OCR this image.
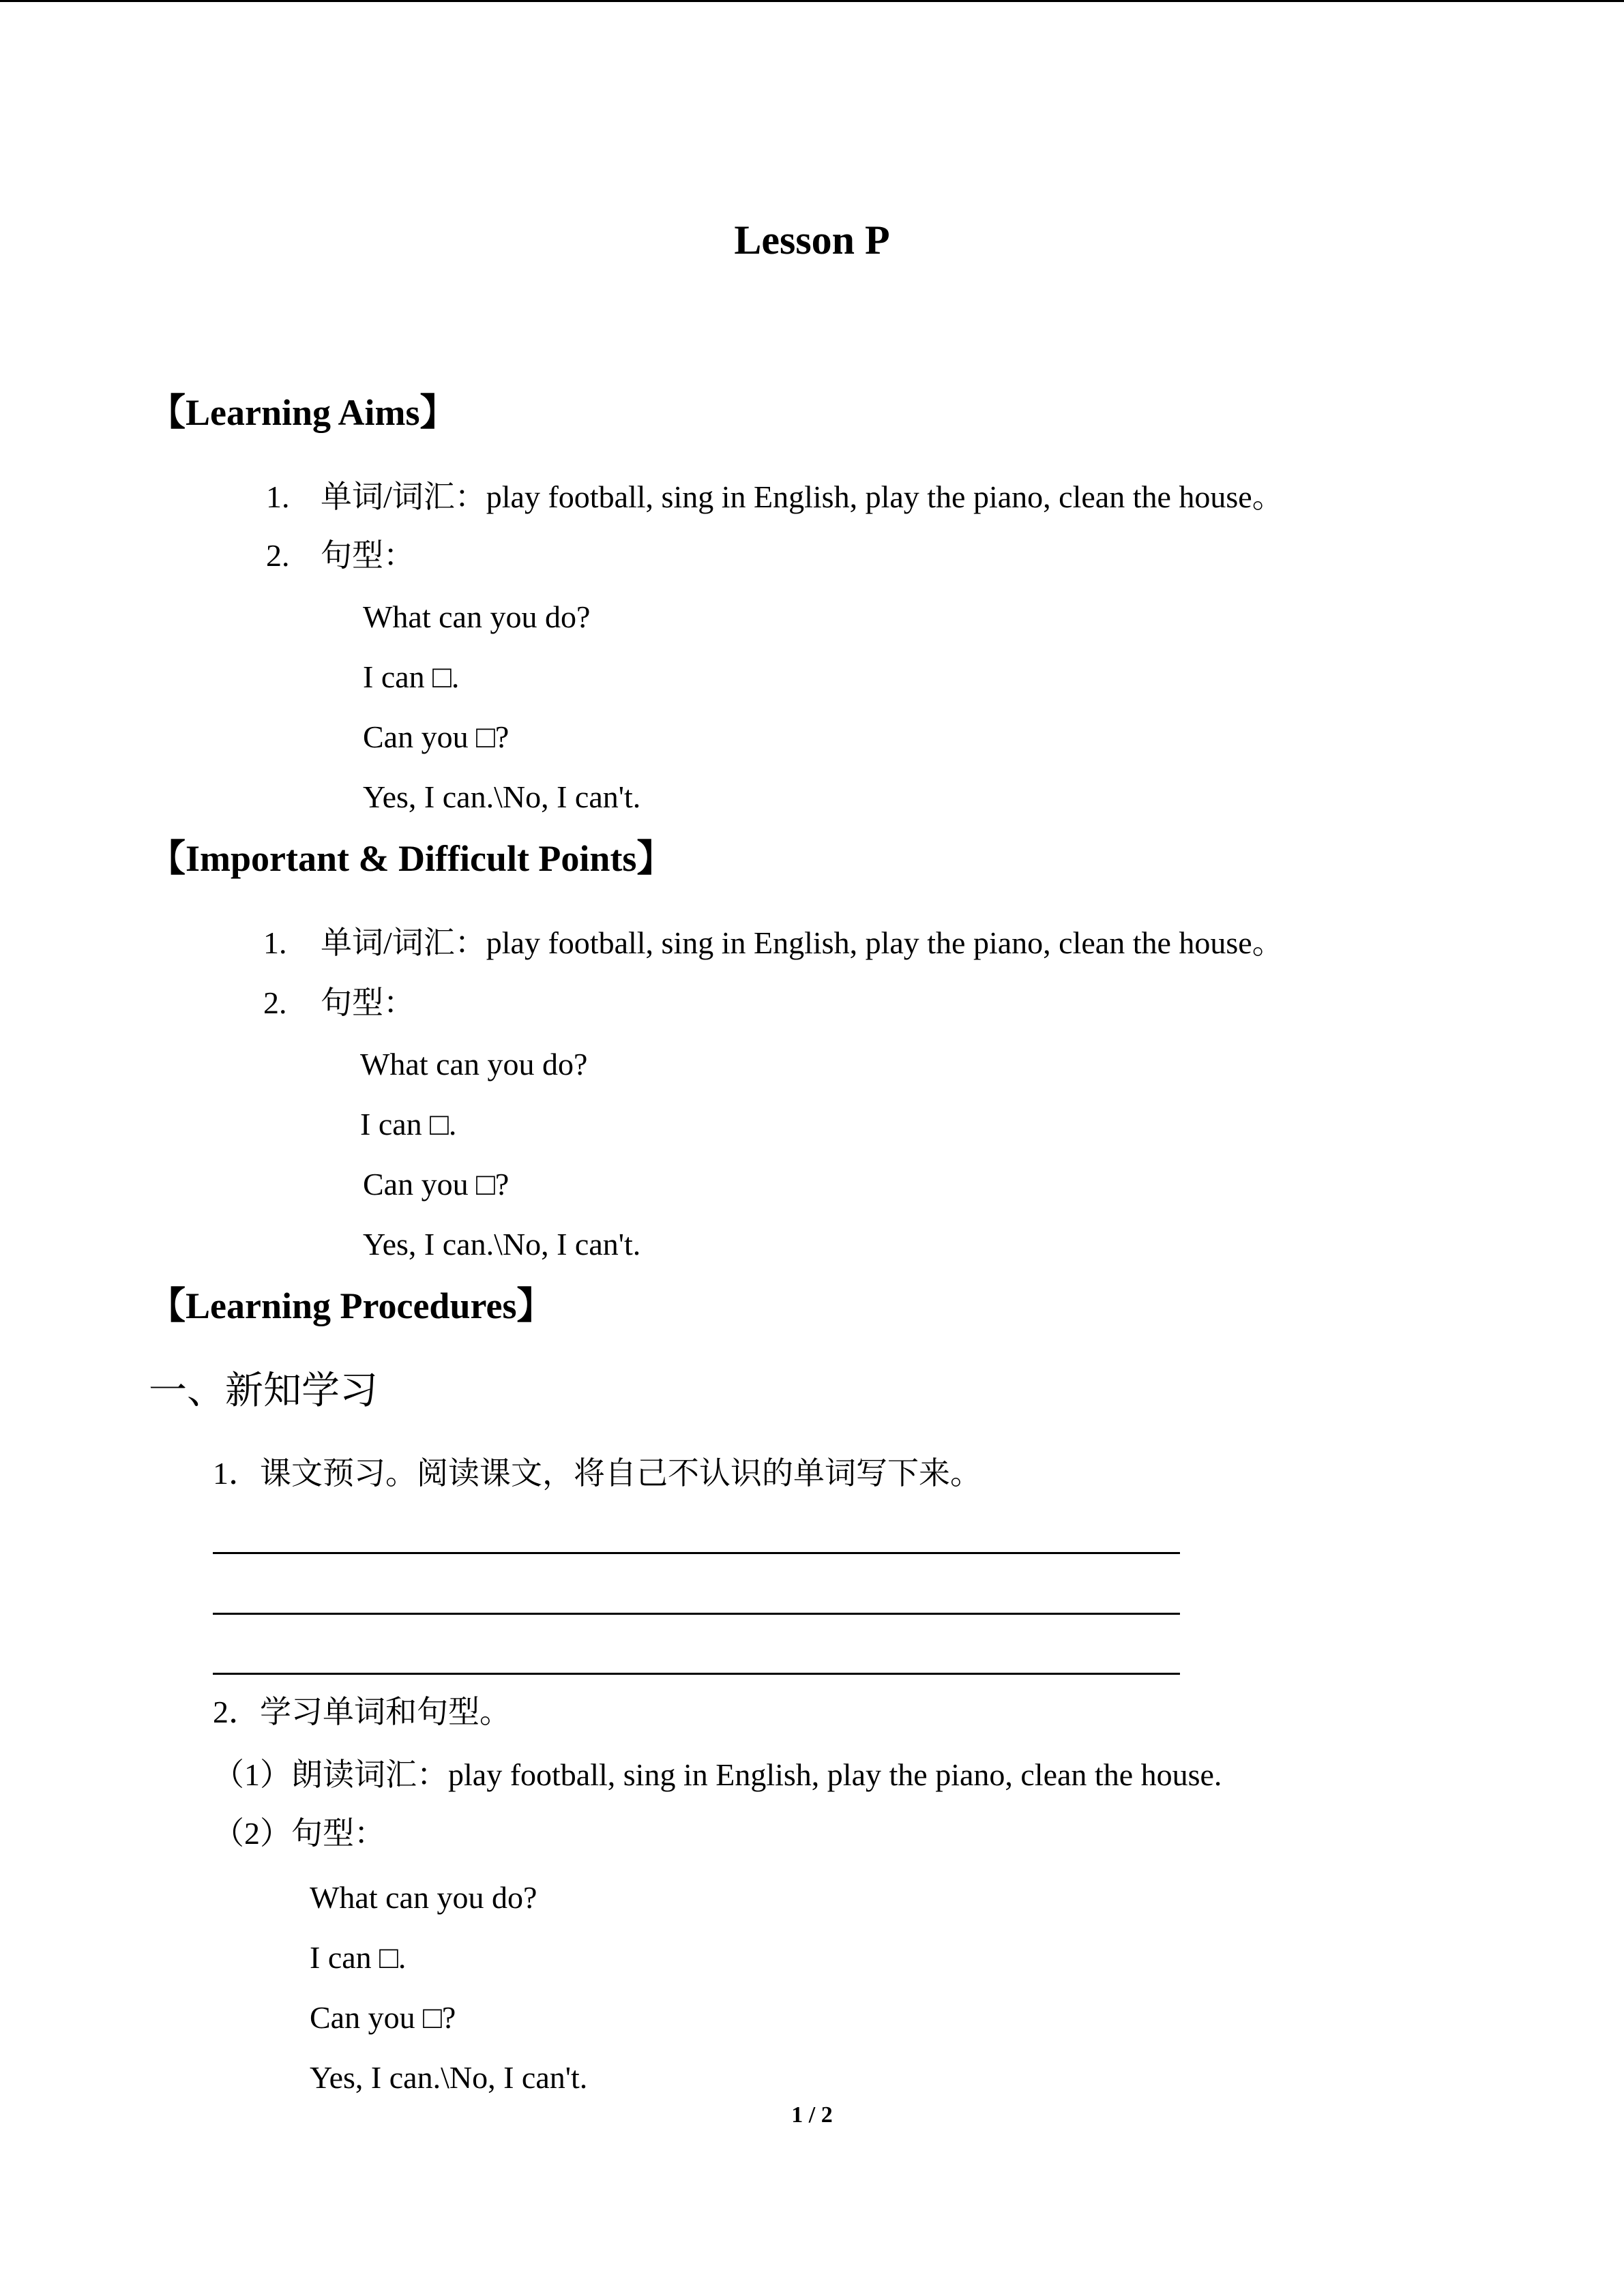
Lesson P
【Learning Aims】
1. 单词/词汇：play football, sing in English, play the piano, clean the house。
2. 句型：
What can you do?
I can □.
Can you □?
Yes, I can.\No, I can't.
【Important & Difficult Points】
1. 单词/词汇：play football, sing in English, play the piano, clean the house。
2. 句型：
What can you do?
I can □.
Can you □?
Yes, I can.\No, I can't.
【Learning Procedures】
一、新知学习
1．课文预习。阅读课文，将自己不认识的单词写下来。
2．学习单词和句型。
（1）朗读词汇：play football, sing in English, play the piano, clean the house.
（2）句型：
What can you do?
I can □.
Can you □?
Yes, I can.\No, I can't.
1 / 2
